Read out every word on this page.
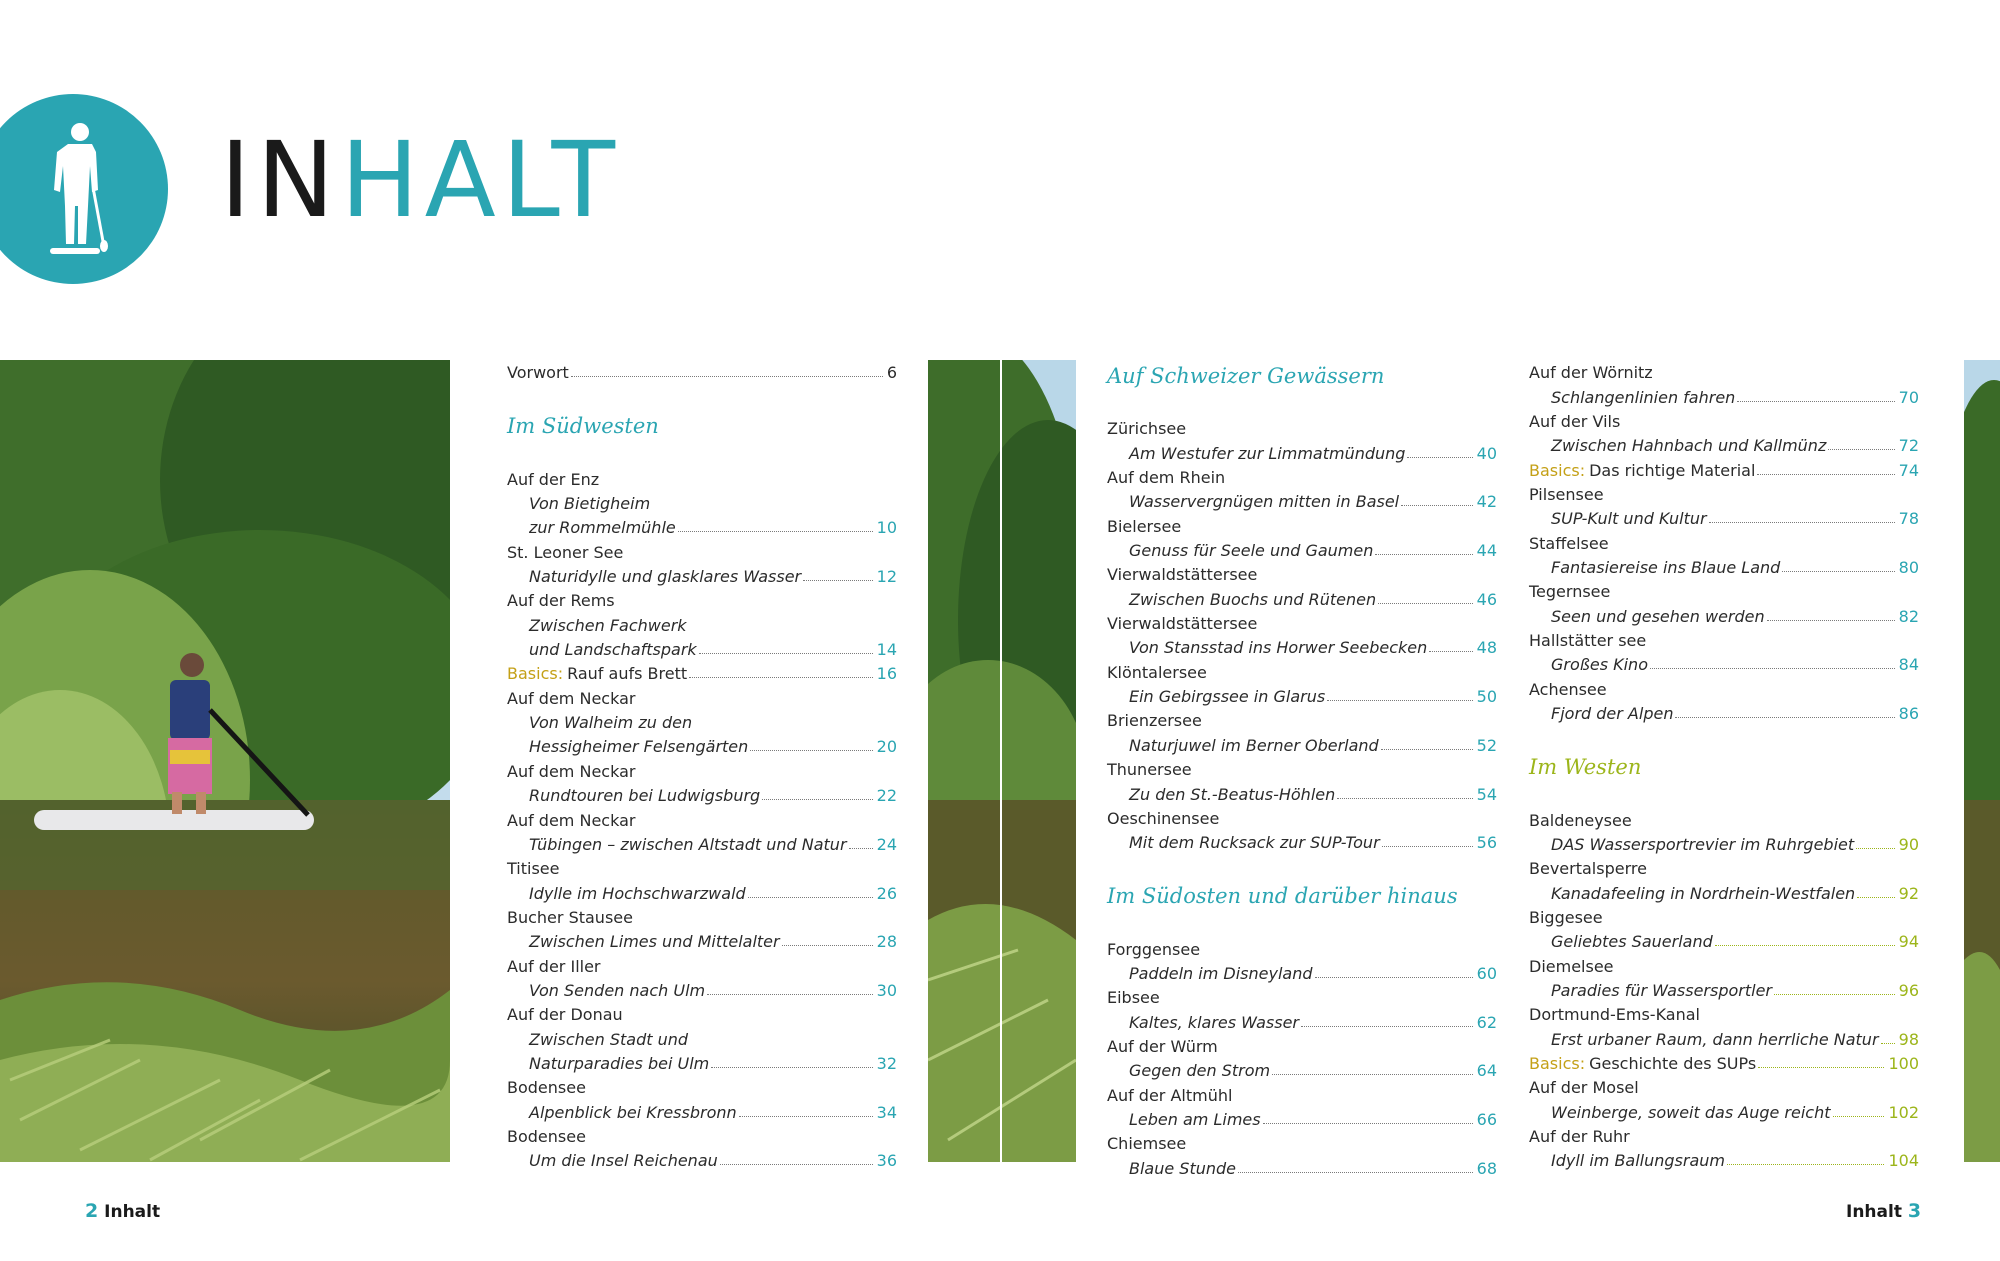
INHALT
Vorwort	6
Im Südwesten
Auf der Enz
Von Bietigheim
zur Rommelmühle	10
St. Leoner See
Naturidylle und glasklares Wasser	12
Auf der Rems
Zwischen Fachwerk
und Landschaftspark	14
Basics: Rauf aufs Brett	16
Auf dem Neckar
Von Walheim zu den
Hessigheimer Felsengärten	20
Auf dem Neckar
Rundtouren bei Ludwigsburg	22
Auf dem Neckar
Tübingen – zwischen Altstadt und Natur 24
Titisee
Idylle im Hochschwarzwald	26
Bucher Stausee
Zwischen Limes und Mittelalter	28
Auf der Iller
Von Senden nach Ulm	30
Auf der Donau
Zwischen Stadt und
Naturparadies bei Ulm	32
Bodensee
Alpenblick bei Kressbronn	34
Bodensee
Um die Insel Reichenau	36
Auf Schweizer Gewässern
Zürichsee
Am Westufer zur Limmatmündung	40
Auf dem Rhein
Wasservergnügen mitten in Basel	42
Bielersee
Genuss für Seele und Gaumen	44
Vierwaldstättersee
Zwischen Buochs und Rütenen	46
Vierwaldstättersee
Von Stansstad ins Horwer Seebecken	48
Klöntalersee
Ein Gebirgssee in Glarus	50
Brienzersee
Naturjuwel im Berner Oberland	52
Thunersee
Zu den St.-Beatus-Höhlen	54
Oeschinensee
Mit dem Rucksack zur SUP-Tour	56
Im Südosten und darüber hinaus
Forggensee
Paddeln im Disneyland	60
Eibsee
Kaltes, klares Wasser	62
Auf der Würm
Gegen den Strom	64
Auf der Altmühl
Leben am Limes	66
Chiemsee
Blaue Stunde	68
Auf der Wörnitz
Schlangenlinien fahren	70
Auf der Vils
Zwischen Hahnbach und Kallmünz	72
Basics: Das richtige Material	74
Pilsensee
SUP-Kult und Kultur	78
Staffelsee
Fantasiereise ins Blaue Land	80
Tegernsee
Seen und gesehen werden	82
Hallstätter see
Großes Kino	84
Achensee
Fjord der Alpen	86
Im Westen
Baldeneysee
DAS Wassersportrevier im Ruhrgebiet	90
Bevertalsperre
Kanadafeeling in Nordrhein-Westfalen	92
Biggesee
Geliebtes Sauerland	94
Diemelsee
Paradies für Wassersportler	96
Dortmund-Ems-Kanal
Erst urbaner Raum, dann herrliche Natur 98
Basics: Geschichte des SUPs	100
Auf der Mosel
Weinberge, soweit das Auge reicht	102
Auf der Ruhr
Idyll im Ballungsraum	104
2 Inhalt	Inhalt 3
